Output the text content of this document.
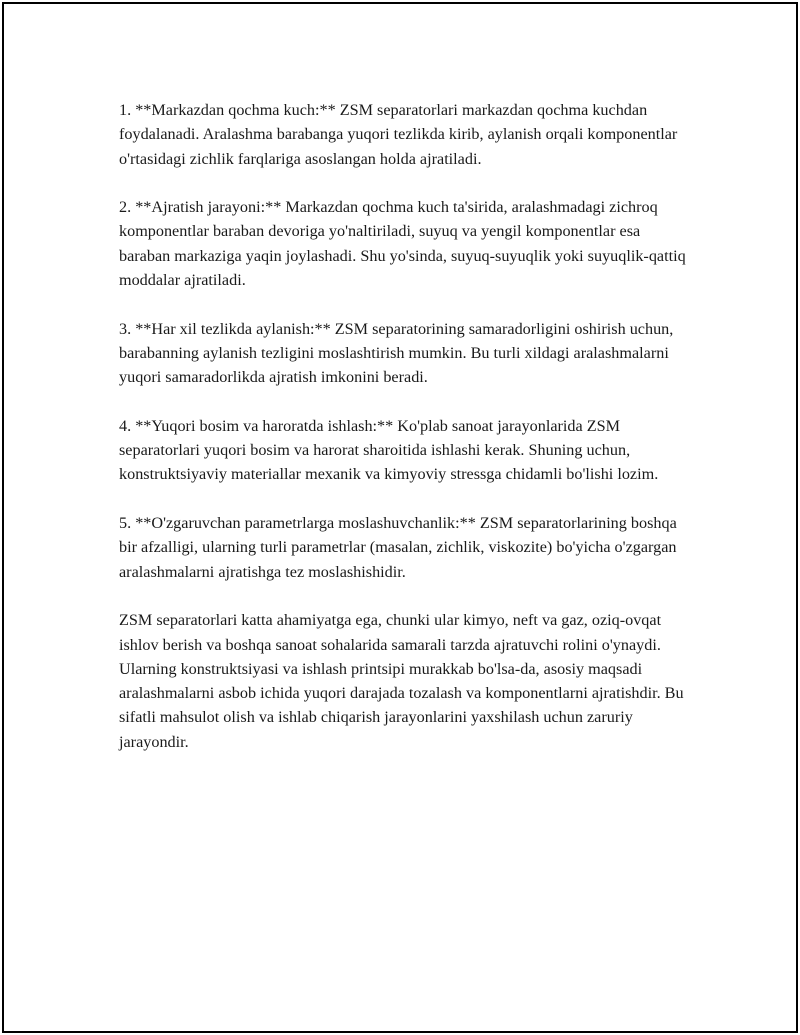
1. **Markazdan qochma kuch:** ZSM separatorlari markazdan qochma kuchdan foydalanadi. Aralashma barabanga yuqori tezlikda kirib, aylanish orqali komponentlar o'rtasidagi zichlik farqlariga asoslangan holda ajratiladi.

2. **Ajratish jarayoni:** Markazdan qochma kuch ta'sirida, aralashmadagi zichroq komponentlar baraban devoriga yo'naltiriladi, suyuq va yengil komponentlar esa baraban markaziga yaqin joylashadi. Shu yo'sinda, suyuq-suyuqlik yoki suyuqlik-qattiq moddalar ajratiladi.

3. **Har xil tezlikda aylanish:** ZSM separatorining samaradorligini oshirish uchun, barabanning aylanish tezligini moslashtirish mumkin. Bu turli xildagi aralashmalarni yuqori samaradorlikda ajratish imkonini beradi.

4. **Yuqori bosim va haroratda ishlash:** Ko'plab sanoat jarayonlarida ZSM separatorlari yuqori bosim va harorat sharoitida ishlashi kerak. Shuning uchun, konstruktsiyaviy materiallar mexanik va kimyoviy stressga chidamli bo'lishi lozim.

5. **O'zgaruvchan parametrlarga moslashuvchanlik:** ZSM separatorlarining boshqa bir afzalligi, ularning turli parametrlar (masalan, zichlik, viskozite) bo'yicha o'zgargan aralashmalarni ajratishga tez moslashishidir.

ZSM separatorlari katta ahamiyatga ega, chunki ular kimyo, neft va gaz, oziq-ovqat ishlov berish va boshqa sanoat sohalarida samarali tarzda ajratuvchi rolini o'ynaydi. Ularning konstruktsiyasi va ishlash printsipi murakkab bo'lsa-da, asosiy maqsadi aralashmalarni asbob ichida yuqori darajada tozalash va komponentlarni ajratishdir. Bu sifatli mahsulot olish va ishlab chiqarish jarayonlarini yaxshilash uchun zaruriy jarayondir.
